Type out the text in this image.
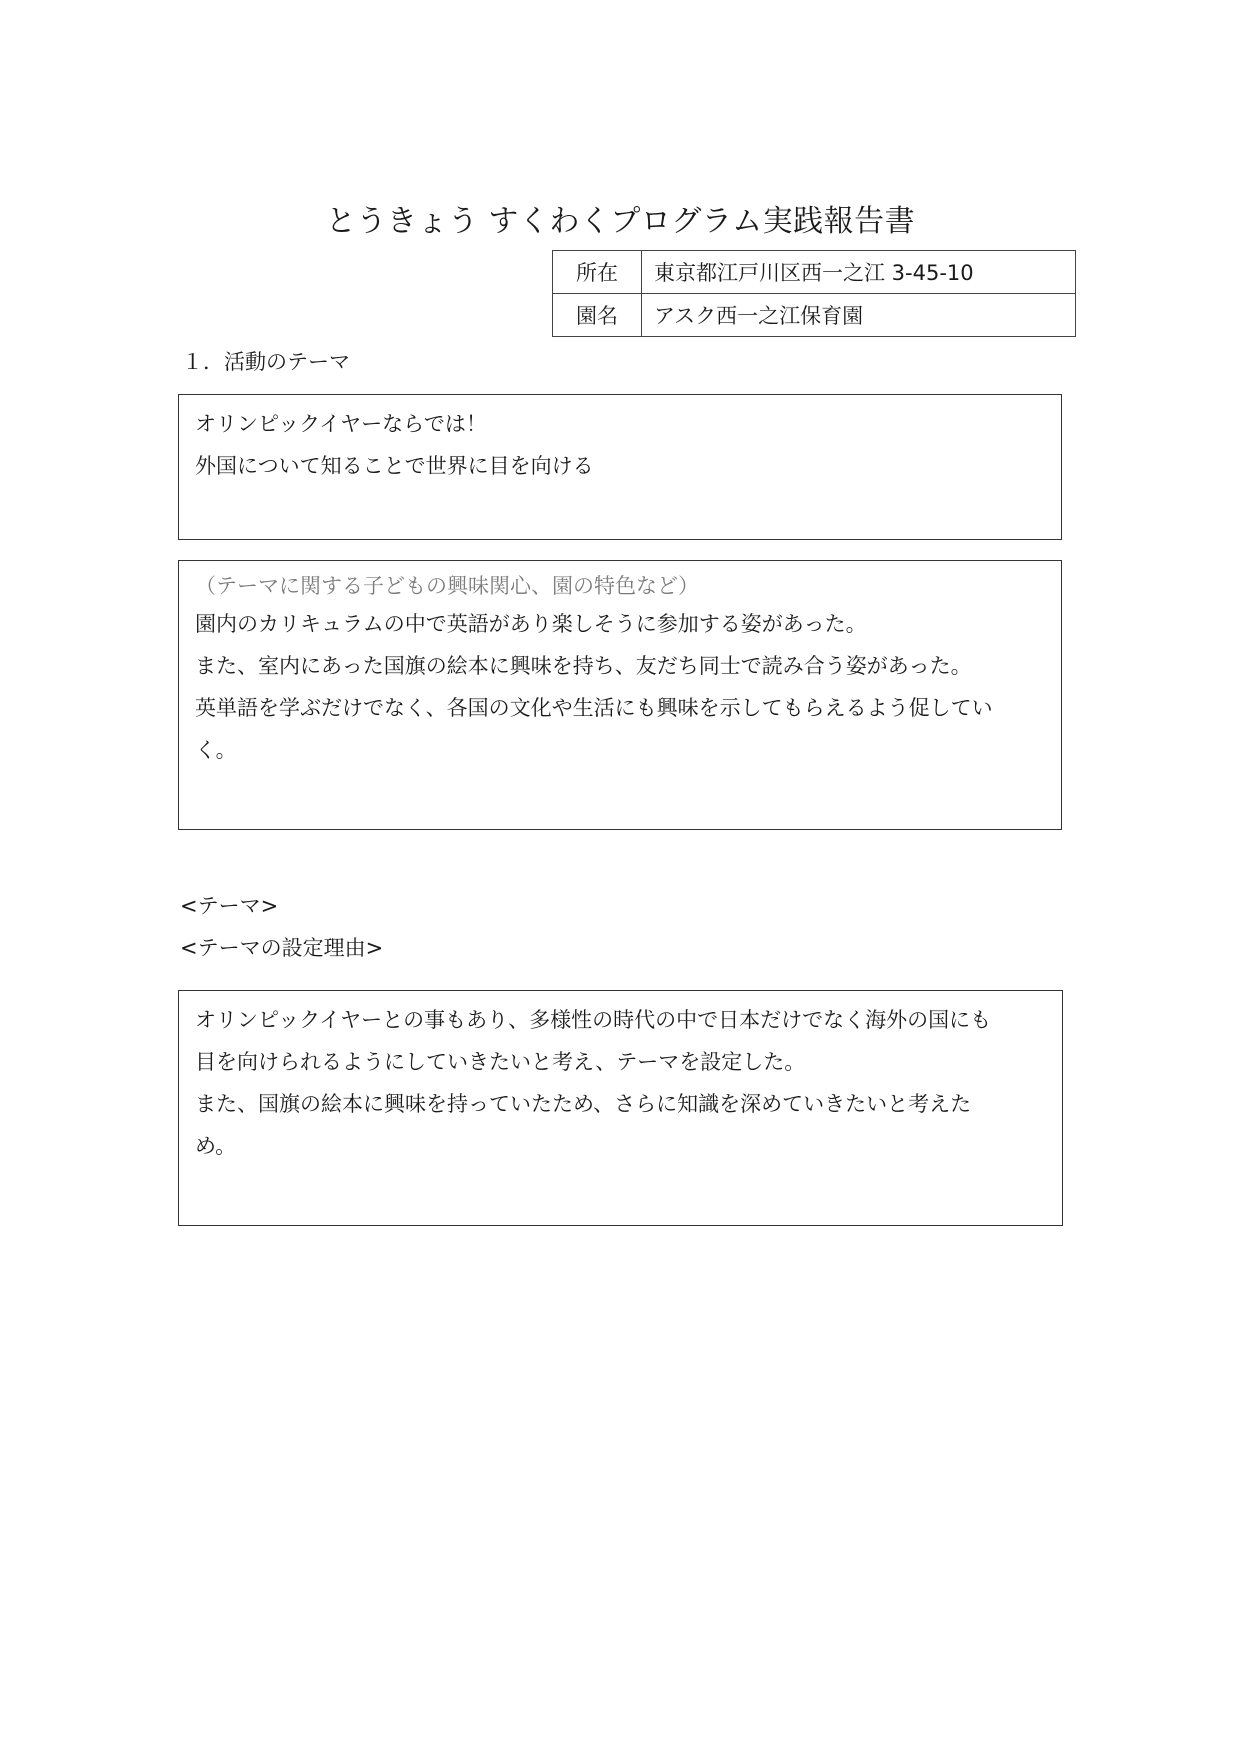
とうきょう すくわくプログラム実践報告書
所在	東京都江戸川区西一之江 3-45-10
園名	アスク西一之江保育園
１．活動のテーマ

オリンピックイヤーならでは！

外国について知ることで世界に目を向ける

（テーマに関する子どもの興味関心、園の特色など）

園内のカリキュラムの中で英語があり楽しそうに参加する姿があった。

また、室内にあった国旗の絵本に興味を持ち、友だち同士で読み合う姿があった。

英単語を学ぶだけでなく、各国の文化や生活にも興味を示してもらえるよう促してい

く。

<テーマ>
<テーマの設定理由>

オリンピックイヤーとの事もあり、多様性の時代の中で日本だけでなく海外の国にも

目を向けられるようにしていきたいと考え、テーマを設定した。

また、国旗の絵本に興味を持っていたため、さらに知識を深めていきたいと考えた

め。
